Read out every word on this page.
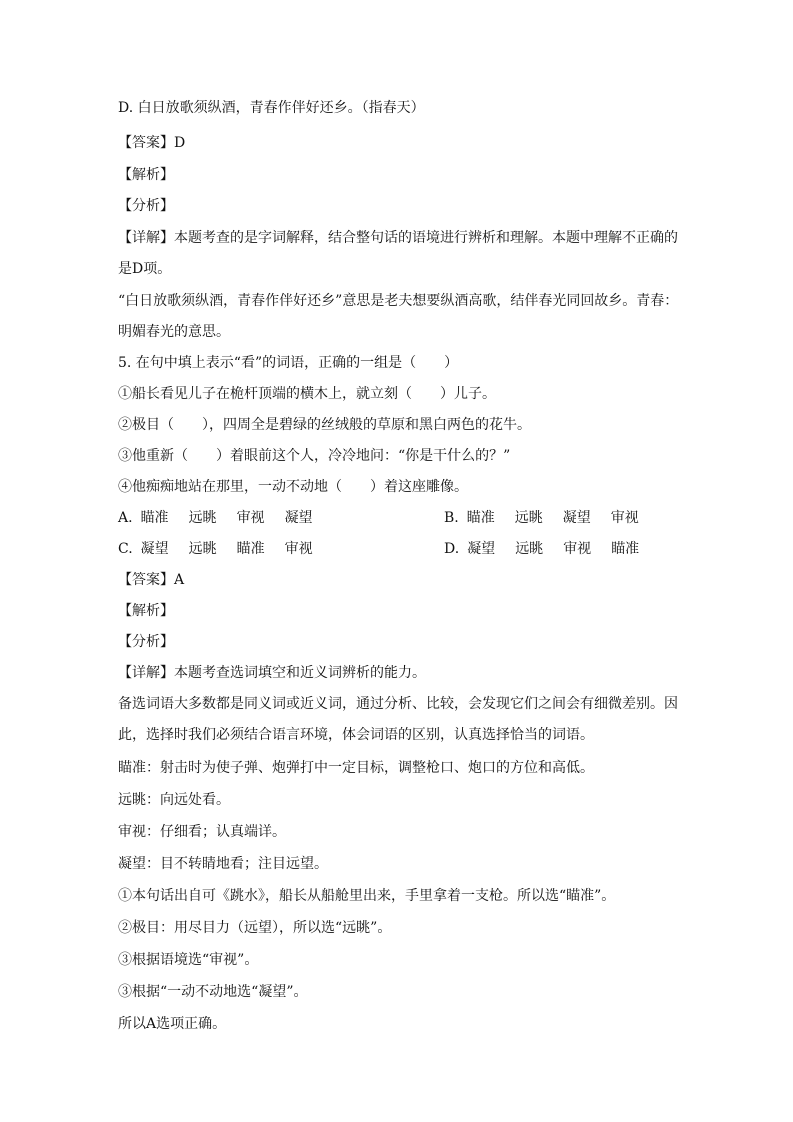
D. 白日放歌须纵酒，青春作伴好还乡。（指春天）
【答案】D
【解析】
【分析】
【详解】本题考查的是字词解释，结合整句话的语境进行辨析和理解。本题中理解不正确的
是D项。
“白日放歌须纵酒，青春作伴好还乡”意思是老夫想要纵酒高歌，结伴春光同回故乡。青春：
明媚春光的意思。
5. 在句中填上表示“看”的词语，正确的一组是（　　）
①船长看见儿子在桅杆顶端的横木上，就立刻（　　）儿子。
②极目（　　），四周全是碧绿的丝绒般的草原和黑白两色的花牛。
③他重新（　　）着眼前这个人，冷冷地问：“你是干什么的？”
④他痴痴地站在那里，一动不动地（　　）着这座雕像。
A. 瞄准 远眺 审视 凝望	B. 瞄准 远眺 凝望 审视
C. 凝望 远眺 瞄准 审视	D. 凝望 远眺 审视 瞄准
【答案】A
【解析】
【分析】
【详解】本题考查选词填空和近义词辨析的能力。
备选词语大多数都是同义词或近义词，通过分析、比较，会发现它们之间会有细微差别。因
此，选择时我们必须结合语言环境，体会词语的区别，认真选择恰当的词语。
瞄准：射击时为使子弹、炮弹打中一定目标，调整枪口、炮口的方位和高低。
远眺：向远处看。
审视：仔细看；认真端详。
凝望：目不转睛地看；注目远望。
①本句话出自可《跳水》，船长从船舱里出来，手里拿着一支枪。所以选“瞄准”。
②极目：用尽目力（远望），所以选“远眺”。
③根据语境选“审视”。
③根据“一动不动地选“凝望”。
所以A选项正确。
